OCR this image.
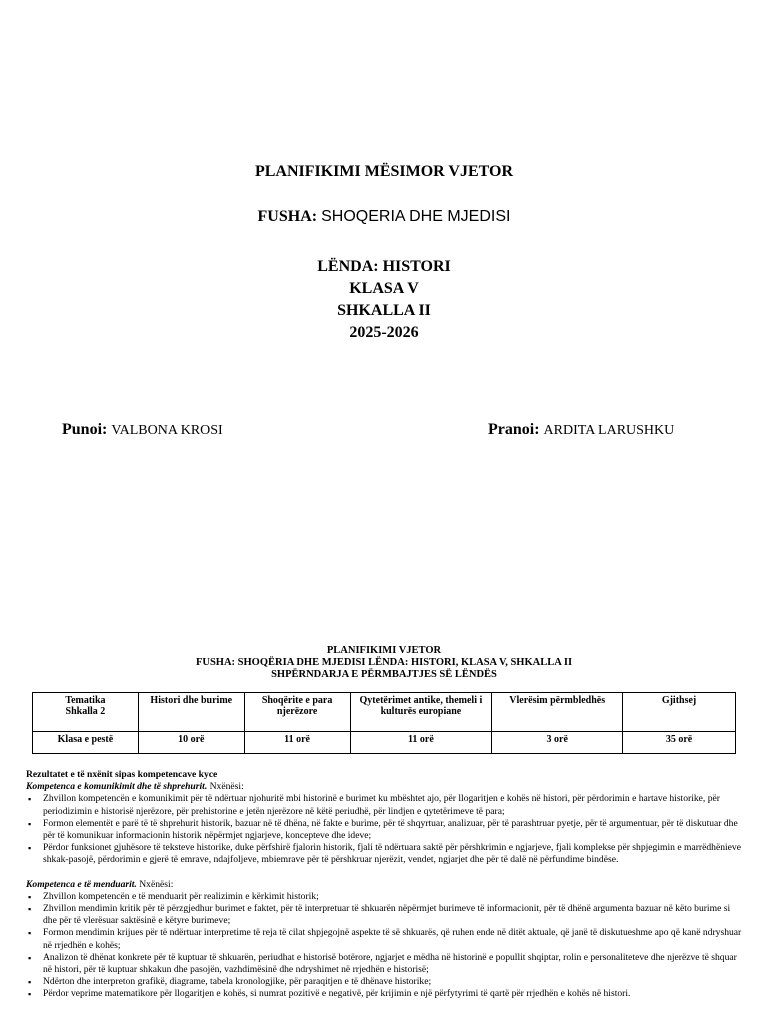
PLANIFIKIMI MËSIMOR VJETOR
FUSHA: SHOQERIA DHE MJEDISI
LËNDA: HISTORI
KLASA V
SHKALLA II
2025-2026
Punoi: VALBONA KROSI	Pranoi: ARDITA LARUSHKU
PLANIFIKIMI VJETOR
FUSHA: SHOQËRIA DHE MJEDISI LËNDA: HISTORI, KLASA V, SHKALLA II
SHPËRNDARJA E PËRMBAJTJES SË LËNDËS
Tematika
Shkalla 2	Histori dhe burime	Shoqërite e para njerëzore	Qytetërimet antike, themeli i kulturës europiane	Vlerësim përmbledhës	Gjithsej
Klasa e pestë	10 orë	11 orë	11 orë	3 orë	35 orë

Rezultatet e të nxënit sipas kompetencave kyce

Kompetenca e komunikimit dhe të shprehurit. Nxënësi:

▪ Zhvillon kompetencën e komunikimit për të ndërtuar njohuritë mbi historinë e burimet ku mbështet ajo, për llogaritjen e kohës në histori, për përdorimin e hartave historike, për periodizimin e historisë njerëzore, për prehistorine e jetën njerëzore në këtë periudhë, për lindjen e qytetërimeve të para;
▪ Formon elementët e parë të të shprehurit historik, bazuar në të dhëna, në fakte e burime, për të shqyrtuar, analizuar, për të parashtruar pyetje, për të argumentuar, për të diskutuar dhe për të komunikuar informacionin historik nëpërmjet ngjarjeve, koncepteve dhe ideve;
▪ Përdor funksionet gjuhësore të teksteve historike, duke përfshirë fjalorin historik, fjali të ndërtuara saktë për përshkrimin e ngjarjeve, fjali komplekse për shpjegimin e marrëdhënieve shkak-pasojë, përdorimin e gjerë të emrave, ndajfoljeve, mbiemrave për të përshkruar njerëzit, vendet, ngjarjet dhe për të dalë në përfundime bindëse.

Kompetenca e të menduarit. Nxënësi:

▪ Zhvillon kompetencën e të menduarit për realizimin e kërkimit historik;
▪ Zhvillon mendimin kritik për të përzgjedhur burimet e faktet, për të interpretuar të shkuarën nëpërmjet burimeve të informacionit, për të dhënë argumenta bazuar në këto burime si dhe për të vlerësuar saktësinë e këtyre burimeve;
▪ Formon mendimin krijues për të ndërtuar interpretime të reja të cilat shpjegojnë aspekte të së shkuarës, që ruhen ende në ditët aktuale, që janë të diskutueshme apo që kanë ndryshuar në rrjedhën e kohës;
▪ Analizon të dhënat konkrete për të kuptuar të shkuarën, periudhat e historisë botërore, ngjarjet e mëdha në historinë e popullit shqiptar, rolin e personaliteteve dhe njerëzve të shquar në histori, për të kuptuar shkakun dhe pasojën, vazhdimësinë dhe ndryshimet në rrjedhën e historisë;
▪ Ndërton dhe interpreton grafikë, diagrame, tabela kronologjike, për paraqitjen e të dhënave historike;
▪ Përdor veprime matematikore për llogaritjen e kohës, si numrat pozitivë e negativë, për krijimin e një përfytyrimi të qartë për rrjedhën e kohës në histori.
